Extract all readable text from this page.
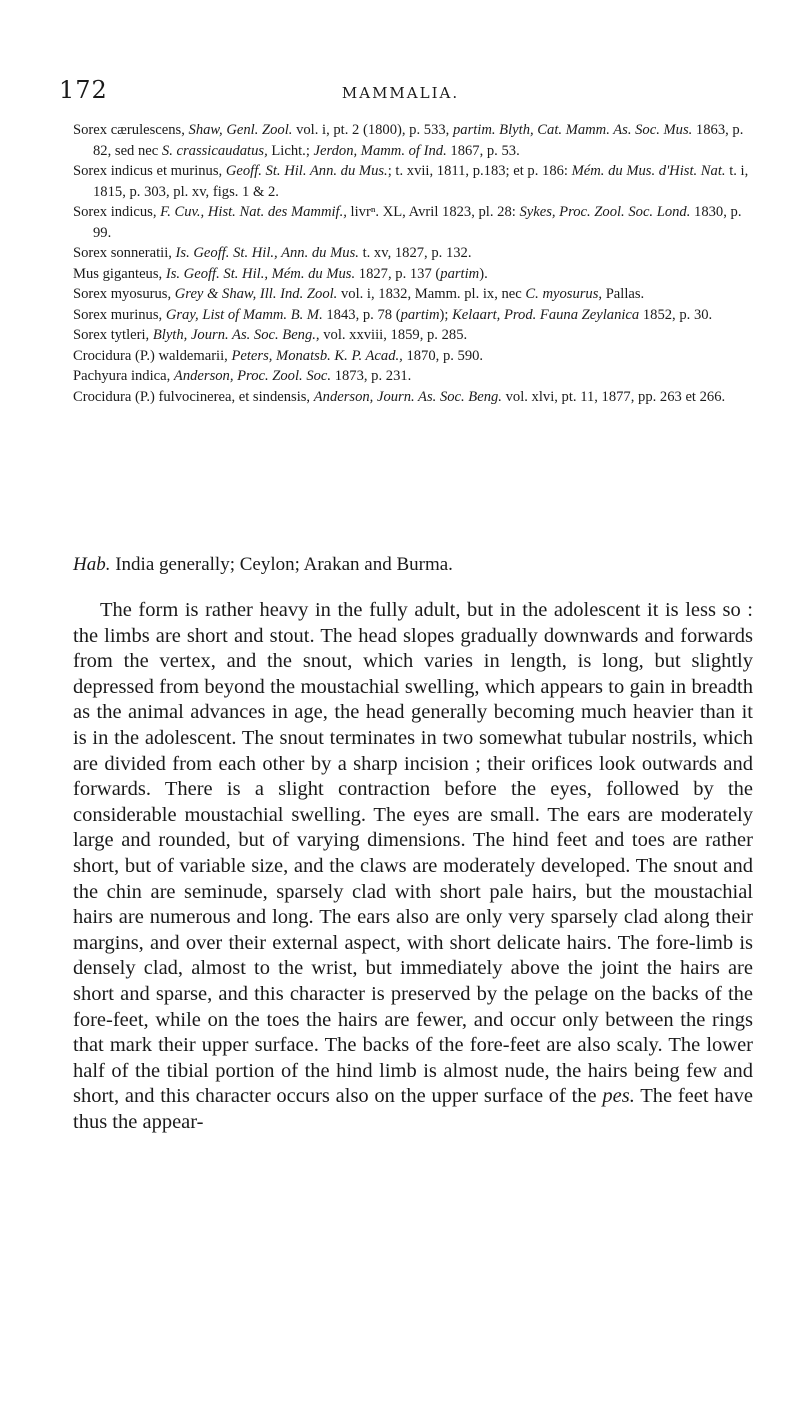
172	MAMMALIA.

Sorex cærulescens, Shaw, Genl. Zool. vol. i, pt. 2 (1800), p. 533, partim. Blyth, Cat. Mamm. As. Soc. Mus. 1863, p. 82, sed nec S. crassicaudatus, Licht.; Jerdon, Mamm. of Ind. 1867, p. 53.

Sorex indicus et murinus, Geoff. St. Hil. Ann. du Mus.; t. xvii, 1811, p.183; et p. 186: Mém. du Mus. d'Hist. Nat. t. i, 1815, p. 303, pl. xv, figs. 1 & 2.

Sorex indicus, F. Cuv., Hist. Nat. des Mammif., livrⁿ. XL, Avril 1823, pl. 28: Sykes, Proc. Zool. Soc. Lond. 1830, p. 99.

Sorex sonneratii, Is. Geoff. St. Hil., Ann. du Mus. t. xv, 1827, p. 132.

Mus giganteus, Is. Geoff. St. Hil., Mém. du Mus. 1827, p. 137 (partim).

Sorex myosurus, Grey & Shaw, Ill. Ind. Zool. vol. i, 1832, Mamm. pl. ix, nec C. myosurus, Pallas.

Sorex murinus, Gray, List of Mamm. B. M. 1843, p. 78 (partim); Kelaart, Prod. Fauna Zeylanica 1852, p. 30.

Sorex tytleri, Blyth, Journ. As. Soc. Beng., vol. xxviii, 1859, p. 285.

Crocidura (P.) waldemarii, Peters, Monatsb. K. P. Acad., 1870, p. 590.

Pachyura indica, Anderson, Proc. Zool. Soc. 1873, p. 231.

Crocidura (P.) fulvocinerea, et sindensis, Anderson, Journ. As. Soc. Beng. vol. xlvi, pt. 11, 1877, pp. 263 et 266.

Hab. India generally; Ceylon; Arakan and Burma.

The form is rather heavy in the fully adult, but in the adolescent it is less so : the limbs are short and stout. The head slopes gradually downwards and forwards from the vertex, and the snout, which varies in length, is long, but slightly depressed from beyond the moustachial swelling, which appears to gain in breadth as the animal advances in age, the head generally becoming much heavier than it is in the adolescent. The snout terminates in two somewhat tubular nostrils, which are divided from each other by a sharp incision ; their orifices look outwards and forwards. There is a slight contraction before the eyes, followed by the considerable moustachial swelling. The eyes are small. The ears are moderately large and rounded, but of varying dimensions. The hind feet and toes are rather short, but of variable size, and the claws are moderately developed. The snout and the chin are seminude, sparsely clad with short pale hairs, but the moustachial hairs are numerous and long. The ears also are only very sparsely clad along their margins, and over their external aspect, with short delicate hairs. The fore-limb is densely clad, almost to the wrist, but immediately above the joint the hairs are short and sparse, and this character is preserved by the pelage on the backs of the fore-feet, while on the toes the hairs are fewer, and occur only between the rings that mark their upper surface. The backs of the fore-feet are also scaly. The lower half of the tibial portion of the hind limb is almost nude, the hairs being few and short, and this character occurs also on the upper surface of the pes. The feet have thus the appear-
